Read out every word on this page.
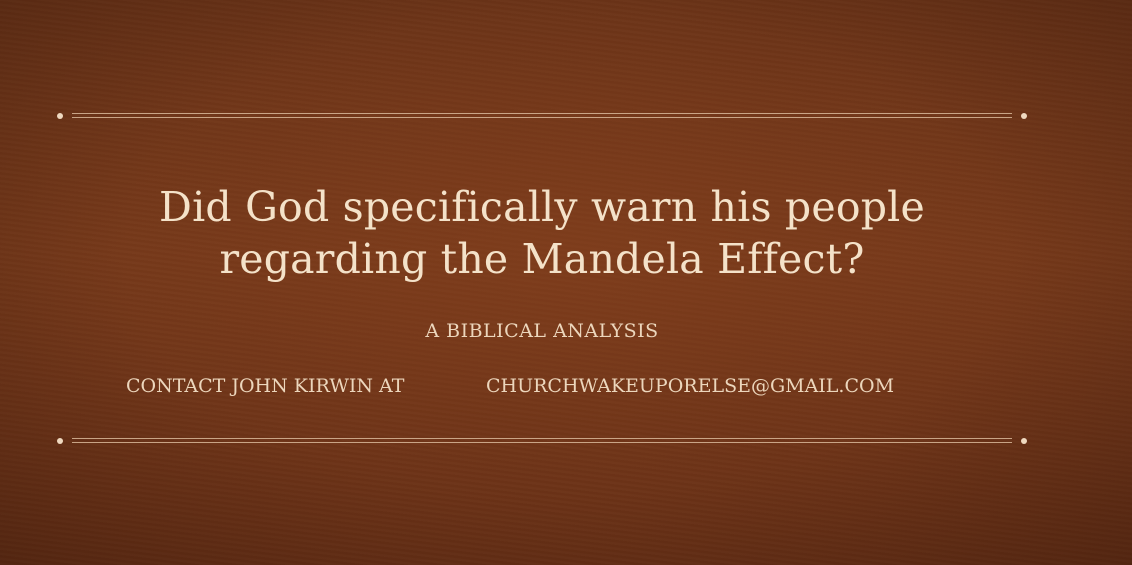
Did God specifically warn his people
regarding the Mandela Effect?
A BIBLICAL ANALYSIS
CONTACT JOHN KIRWIN AT	CHURCHWAKEUPORELSE@GMAIL.COM
